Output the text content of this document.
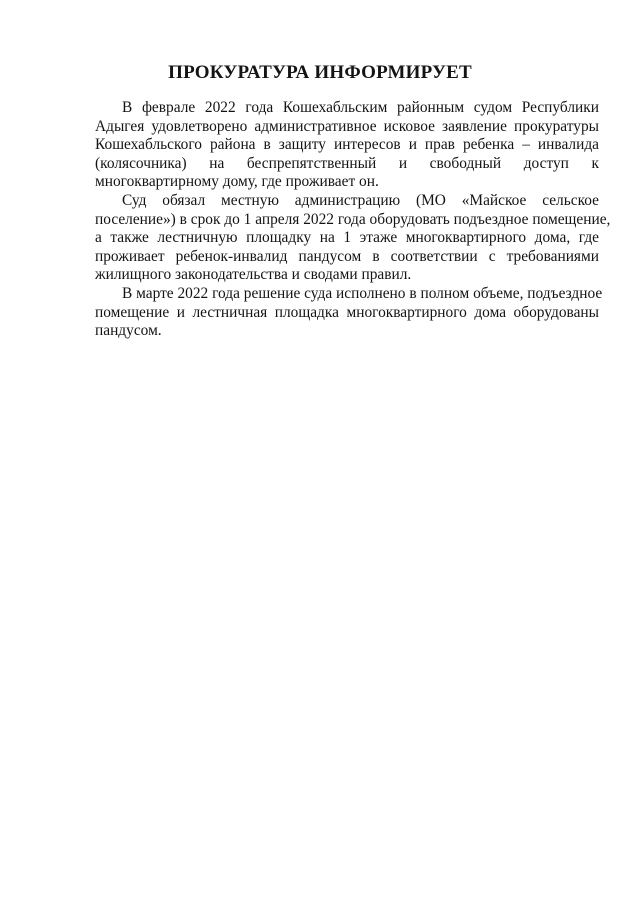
ПРОКУРАТУРА ИНФОРМИРУЕТ
В феврале 2022 года Кошехабльским районным судом Республики
Адыгея удовлетворено административное исковое заявление прокуратуры
Кошехабльского района в защиту интересов и прав ребенка – инвалида
(колясочника) на беспрепятственный и свободный доступ к
многоквартирному дому, где проживает он.
Суд обязал местную администрацию (МО «Майское сельское
поселение») в срок до 1 апреля 2022 года оборудовать подъездное помещение,
а также лестничную площадку на 1 этаже многоквартирного дома, где
проживает ребенок-инвалид пандусом в соответствии с требованиями
жилищного законодательства и сводами правил.
В марте 2022 года решение суда исполнено в полном объеме, подъездное
помещение и лестничная площадка многоквартирного дома оборудованы
пандусом.
